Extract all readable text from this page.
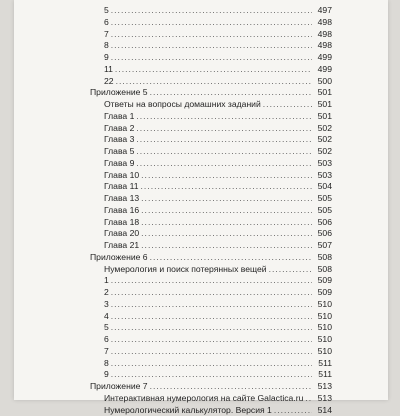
5 .....	497
6 .....	498
7 .....	498
8 .....	498
9 .....	499
11 .....	499
22 .....	500
Приложение 5 .....	501
Ответы на вопросы домашних заданий .....	501
Глава 1 .....	501
Глава 2 .....	502
Глава 3 .....	502
Глава 5 .....	502
Глава 9 .....	503
Глава 10 .....	503
Глава 11 .....	504
Глава 13 .....	505
Глава 16 .....	505
Глава 18 .....	506
Глава 20 .....	506
Глава 21 .....	507
Приложение 6 .....	508
Нумерология и поиск потерянных вещей .....	508
1 .....	509
2 .....	509
3 .....	510
4 .....	510
5 .....	510
6 .....	510
7 .....	510
8 .....	511
9 .....	511
Приложение 7 .....	513
Интерактивная нумерология на сайте Galactica.ru .....	513
Нумерологический калькулятор. Версия 1 .....	514
